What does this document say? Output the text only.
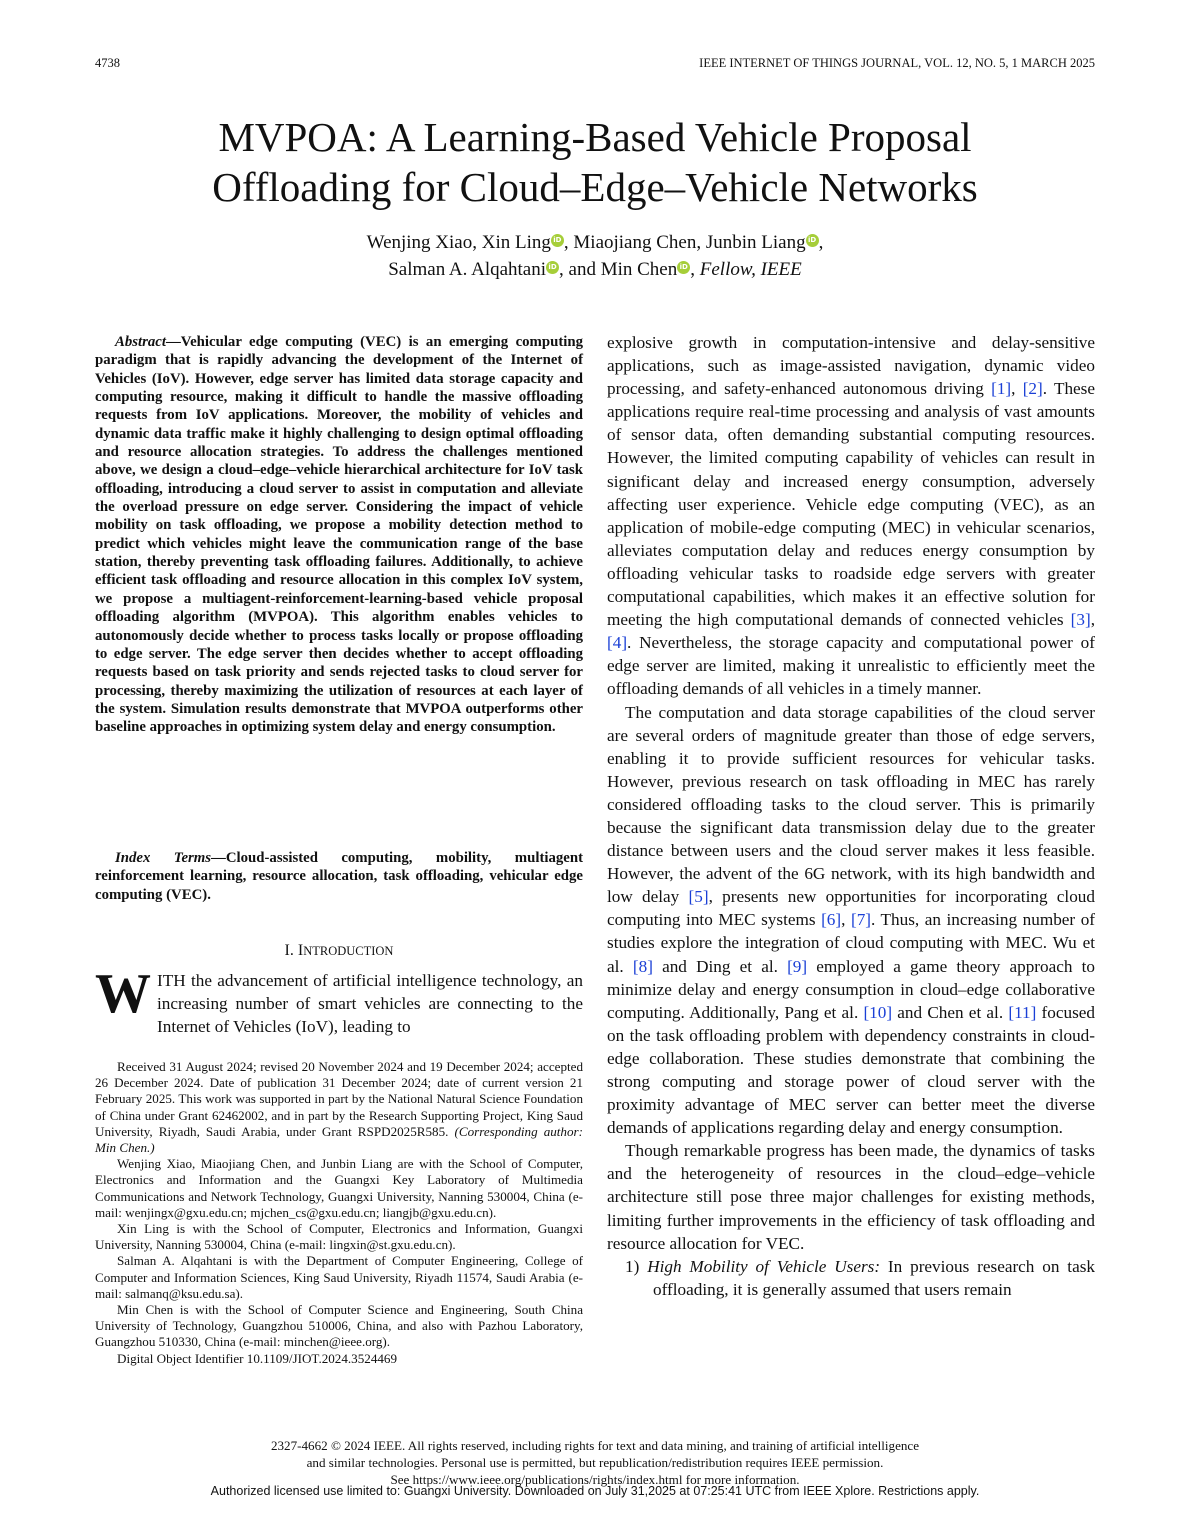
4738	IEEE INTERNET OF THINGS JOURNAL, VOL. 12, NO. 5, 1 MARCH 2025
MVPOA: A Learning-Based Vehicle Proposal
Offloading for Cloud–Edge–Vehicle Networks
Wenjing Xiao, Xin Ling iD , Miaojiang Chen, Junbin Liang iD ,
Salman A. Alqahtani iD , and Min Chen iD , Fellow, IEEE

Abstract—Vehicular edge computing (VEC) is an emerging computing paradigm that is rapidly advancing the development of the Internet of Vehicles (IoV). However, edge server has limited data storage capacity and computing resource, making it difficult to handle the massive offloading requests from IoV applications. Moreover, the mobility of vehicles and dynamic data traffic make it highly challenging to design optimal offloading and resource allocation strategies. To address the challenges mentioned above, we design a cloud–edge–vehicle hierarchical architecture for IoV task offloading, introducing a cloud server to assist in computation and alleviate the overload pressure on edge server. Considering the impact of vehicle mobility on task offloading, we propose a mobility detection method to predict which vehicles might leave the communication range of the base station, thereby preventing task offloading failures. Additionally, to achieve efficient task offloading and resource allocation in this complex IoV system, we propose a multiagent-reinforcement-learning-based vehicle proposal offloading algorithm (MVPOA). This algorithm enables vehicles to autonomously decide whether to process tasks locally or propose offloading to edge server. The edge server then decides whether to accept offloading requests based on task priority and sends rejected tasks to cloud server for processing, thereby maximizing the utilization of resources at each layer of the system. Simulation results demonstrate that MVPOA outperforms other baseline approaches in optimizing system delay and energy consumption.

Index Terms—Cloud-assisted computing, mobility, multiagent reinforcement learning, resource allocation, task offloading, vehicular edge computing (VEC).

I. INTRODUCTION

WITH the advancement of artificial intelligence technology, an increasing number of smart vehicles are connecting to the Internet of Vehicles (IoV), leading to

Received 31 August 2024; revised 20 November 2024 and 19 December 2024; accepted 26 December 2024. Date of publication 31 December 2024; date of current version 21 February 2025. This work was supported in part by the National Natural Science Foundation of China under Grant 62462002, and in part by the Research Supporting Project, King Saud University, Riyadh, Saudi Arabia, under Grant RSPD2025R585. (Corresponding author: Min Chen.)

Wenjing Xiao, Miaojiang Chen, and Junbin Liang are with the School of Computer, Electronics and Information and the Guangxi Key Laboratory of Multimedia Communications and Network Technology, Guangxi University, Nanning 530004, China (e-mail: wenjingx@gxu.edu.cn; mjchen_cs@gxu.edu.cn; liangjb@gxu.edu.cn).

Xin Ling is with the School of Computer, Electronics and Information, Guangxi University, Nanning 530004, China (e-mail: lingxin@st.gxu.edu.cn).

Salman A. Alqahtani is with the Department of Computer Engineering, College of Computer and Information Sciences, King Saud University, Riyadh 11574, Saudi Arabia (e-mail: salmanq@ksu.edu.sa).

Min Chen is with the School of Computer Science and Engineering, South China University of Technology, Guangzhou 510006, China, and also with Pazhou Laboratory, Guangzhou 510330, China (e-mail: minchen@ieee.org).

Digital Object Identifier 10.1109/JIOT.2024.3524469

explosive growth in computation-intensive and delay-sensitive applications, such as image-assisted navigation, dynamic video processing, and safety-enhanced autonomous driving [1], [2]. These applications require real-time processing and analysis of vast amounts of sensor data, often demanding substantial computing resources. However, the limited computing capability of vehicles can result in significant delay and increased energy consumption, adversely affecting user experience. Vehicle edge computing (VEC), as an application of mobile-edge computing (MEC) in vehicular scenarios, alleviates computation delay and reduces energy consumption by offloading vehicular tasks to roadside edge servers with greater computational capabilities, which makes it an effective solution for meeting the high computational demands of connected vehicles [3], [4]. Nevertheless, the storage capacity and computational power of edge server are limited, making it unrealistic to efficiently meet the offloading demands of all vehicles in a timely manner.

The computation and data storage capabilities of the cloud server are several orders of magnitude greater than those of edge servers, enabling it to provide sufficient resources for vehicular tasks. However, previous research on task offloading in MEC has rarely considered offloading tasks to the cloud server. This is primarily because the significant data transmission delay due to the greater distance between users and the cloud server makes it less feasible. However, the advent of the 6G network, with its high bandwidth and low delay [5], presents new opportunities for incorporating cloud computing into MEC systems [6], [7]. Thus, an increasing number of studies explore the integration of cloud computing with MEC. Wu et al. [8] and Ding et al. [9] employed a game theory approach to minimize delay and energy consumption in cloud–edge collaborative computing. Additionally, Pang et al. [10] and Chen et al. [11] focused on the task offloading problem with dependency constraints in cloud-edge collaboration. These studies demonstrate that combining the strong computing and storage power of cloud server with the proximity advantage of MEC server can better meet the diverse demands of applications regarding delay and energy consumption.

Though remarkable progress has been made, the dynamics of tasks and the heterogeneity of resources in the cloud–edge–vehicle architecture still pose three major challenges for existing methods, limiting further improvements in the efficiency of task offloading and resource allocation for VEC.

1) High Mobility of Vehicle Users: In previous research on task offloading, it is generally assumed that users remain

2327-4662 © 2024 IEEE. All rights reserved, including rights for text and data mining, and training of artificial intelligence

and similar technologies. Personal use is permitted, but republication/redistribution requires IEEE permission.

See https://www.ieee.org/publications/rights/index.html for more information.

Authorized licensed use limited to: Guangxi University. Downloaded on July 31,2025 at 07:25:41 UTC from IEEE Xplore. Restrictions apply.
